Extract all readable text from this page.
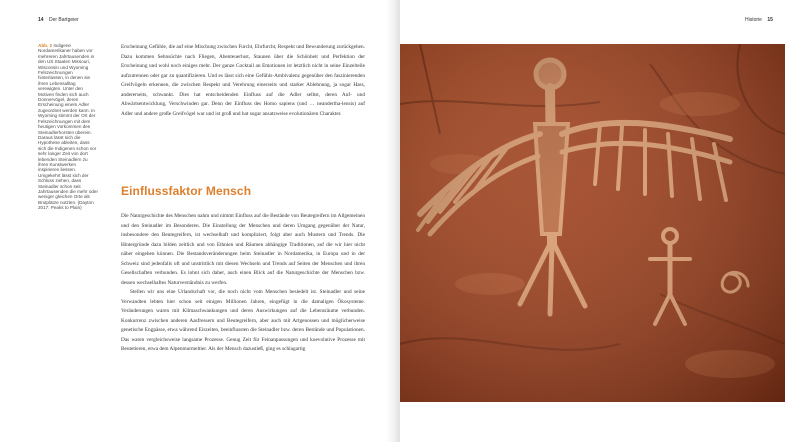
14 Der Bartgeier
Abb. 2 Indigene Nordamerikaner haben vor mehreren Jahrtausenden in den US Staaten Missouri, Wisconsin und Wyoming Felszeichnungen hinterlassen, in denen sie ihren Lebensalltag verewigten. Unter den Motiven finden sich auch Donnervögel, deren Erscheinung einem Adler zugeordnet werden kann. In Wyoming stimmt der Ort der Felszeichnungen mit dem heutigen Vorkommen des Steinadlerhorsten überein. Daraus lässt sich die Hypothese ableiten, dass sich die Indigenen schon vor sehr langer Zeit von dort lebenden Steinadlern zu ihren Kunstwerken inspirieren liessen. Umgekehrt lässt sich der Schluss ziehen, dass Steinadler schon seit Jahrtausenden die mehr oder weniger gleichen Orte als Brutplätze nutzten. (Dayton 2017: Peaks to Plain)

Erscheinung Gefühle, die auf eine Mischung zwischen Furcht, Ehrfurcht, Respekt und Bewunderung zurückgehen. Dazu kommen Sehnsüchte nach Fliegen, Abenteuerlust, Staunen über die Schönheit und Perfektion der Erscheinung und wohl noch einiges mehr. Der ganze Cocktail an Emotionen ist letztlich nicht in seine Einzelteile aufzutrennen oder gar zu quantifizieren. Und es lässt sich eine Gefühls-Ambivalenz gegenüber den faszinierenden Greifvögeln erkennen, die zwischen Respekt und Verehrung einerseits und starker Ablehnung, ja sogar Hass, andererseits, schwankt. Dies hat entscheidenden Einfluss auf die Adler selbst, deren Auf- und Abwärtsentwicklung, Verschwinden gar. Denn der Einfluss des Homo sapiens (und … neandertha-lensis) auf Adler und andere große Greifvögel war und ist groß und hat sogar ansatzweise evolutionären Charakter.

Einflussfaktor Mensch

Die Naturgeschichte des Menschen nahm und nimmt Einfluss auf die Bestände von Beutegreifern im Allgemeinen und den Steinadler im Besonderen. Die Einstellung der Menschen und deren Umgang gegenüber der Natur, insbesondere den Beutegreifern, ist wechselhaft und kompliziert, folgt aber auch Mustern und Trends. Die Hintergründe dazu bilden zeitlich und von Ethnien und Räumen abhängige Traditionen, auf die wir hier nicht näher eingehen können. Die Bestandsveränderungen beim Steinadler in Nordamerika, in Europa und in der Schweiz sind jedenfalls oft und unstrittlich mit diesen Wechseln und Trends auf Seiten der Menschen und ihren Gesellschaften verbunden. Es lohnt sich daher, auch einen Blick auf die Naturgeschichte der Menschen bzw. dessen wechselhaftes Naturverständnis zu werfen.

Stellen wir uns eine Urlandschaft vor, die noch nicht vom Menschen besiedelt ist. Steinadler und seine Verwandten lebten hier schon seit einigen Millionen Jahren, eingefügt in die damaligen Ökosysteme. Veränderungen waren mit Klimaschwankungen und deren Auswirkungen auf die Lebensräume verbunden. Konkurrenz zwischen anderen Aasfressern und Beutegreifern, aber auch mit Artgenossen und möglicherweise genetische Engpässe, etwa während Eiszeiten, beeinflussten die Steinadler bzw. deren Bestände und Populationen. Das waren vergleichsweise langsame Prozesse. Genug Zeit für Feinanpassungen und koevolutive Prozesse mit Beutetieren, etwa dem Alpenmurmeltier. Als der Mensch dazustieß, ging es schlagartig

Historie 15
